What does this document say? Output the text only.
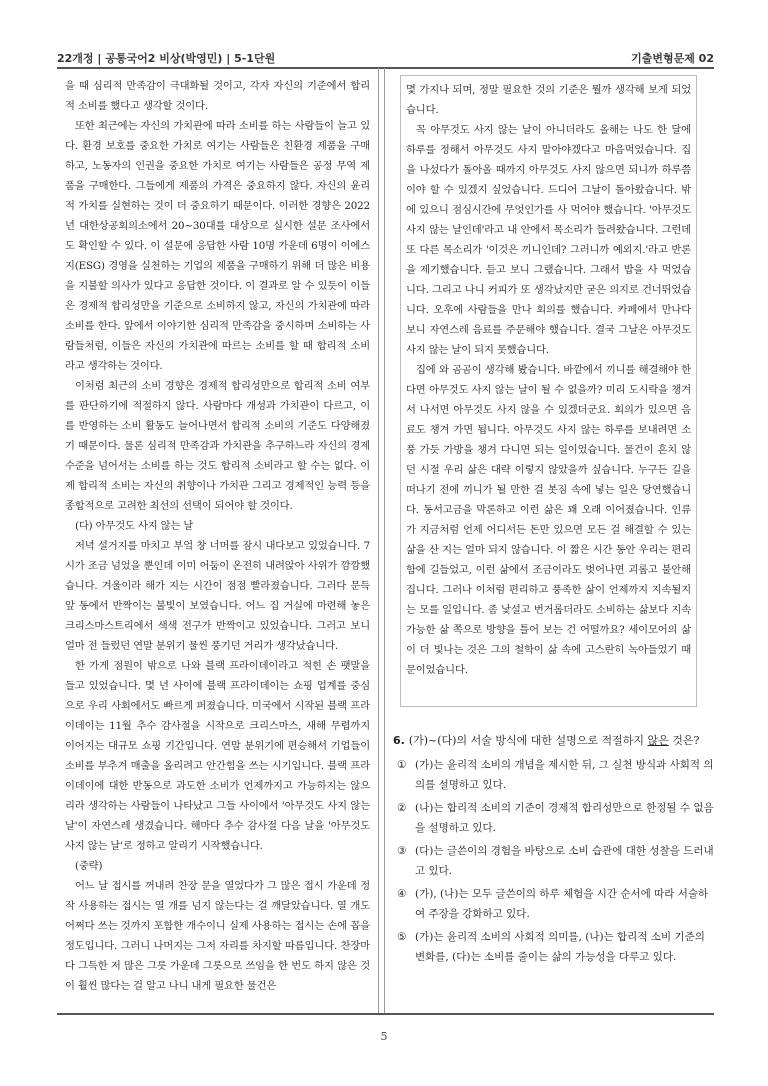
22개정 | 공통국어2 비상(박영민) | 5-1단원	기출변형문제 02

을 때 심리적 만족감이 극대화될 것이고, 각자 자신의 기준에서 합리적 소비를 했다고 생각할 것이다.

또한 최근에는 자신의 가치관에 따라 소비를 하는 사람들이 늘고 있다. 환경 보호를 중요한 가치로 여기는 사람들은 친환경 제품을 구매하고, 노동자의 인권을 중요한 가치로 여기는 사람들은 공정 무역 제품을 구매한다. 그들에게 제품의 가격은 중요하지 않다. 자신의 윤리적 가치를 실현하는 것이 더 중요하기 때문이다. 이러한 경향은 2022년 대한상공회의소에서 20~30대를 대상으로 실시한 설문 조사에서도 확인할 수 있다. 이 설문에 응답한 사람 10명 가운데 6명이 이에스지(ESG) 경영을 실천하는 기업의 제품을 구매하기 위해 더 많은 비용을 지불할 의사가 있다고 응답한 것이다. 이 결과로 알 수 있듯이 이들은 경제적 합리성만을 기준으로 소비하지 않고, 자신의 가치관에 따라 소비를 한다. 앞에서 이야기한 심리적 만족감을 중시하며 소비하는 사람들처럼, 이들은 자신의 가치관에 따르는 소비를 할 때 합리적 소비라고 생각하는 것이다.

이처럼 최근의 소비 경향은 경제적 합리성만으로 합리적 소비 여부를 판단하기에 적절하지 않다. 사람마다 개성과 가치관이 다르고, 이를 반영하는 소비 활동도 늘어나면서 합리적 소비의 기준도 다양해졌기 때문이다. 물론 심리적 만족감과 가치관을 추구하느라 자신의 경제 수준을 넘어서는 소비를 하는 것도 합리적 소비라고 할 수는 없다. 이제 합리적 소비는 자신의 취향이나 가치관 그리고 경제적인 능력 등을 종합적으로 고려한 최선의 선택이 되어야 할 것이다.

(다) 아무것도 사지 않는 날

저녁 설거지를 마치고 부엌 창 너머를 잠시 내다보고 있었습니다. 7시가 조금 넘었을 뿐인데 이미 어둠이 온전히 내려앉아 사위가 깜깜했습니다. 겨울이라 해가 지는 시간이 점점 빨라졌습니다. 그러다 문득 앞 동에서 반짝이는 불빛이 보였습니다. 어느 집 거실에 마련해 놓은 크리스마스트리에서 색색 전구가 반짝이고 있었습니다. 그러고 보니 얼마 전 들렀던 연말 분위기 물씬 풍기던 거리가 생각났습니다.

한 가게 점원이 밖으로 나와 블랙 프라이데이라고 적힌 손 팻말을 들고 있었습니다. 몇 년 사이에 블랙 프라이데이는 쇼핑 업계를 중심으로 우리 사회에서도 빠르게 퍼졌습니다. 미국에서 시작된 블랙 프라이데이는 11월 추수 감사절을 시작으로 크리스마스, 새해 무렵까지 이어지는 대규모 쇼핑 기간입니다. 연말 분위기에 편승해서 기업들이 소비를 부추겨 매출을 올리려고 안간힘을 쓰는 시기입니다. 블랙 프라이데이에 대한 반동으로 과도한 소비가 언제까지고 가능하지는 않으리라 생각하는 사람들이 나타났고 그들 사이에서 '아무것도 사지 않는 날'이 자연스레 생겼습니다. 해마다 추수 감사절 다음 날을 '아무것도 사지 않는 날'로 정하고 알리기 시작했습니다.

(중략)

어느 날 접시를 꺼내려 찬장 문을 열었다가 그 많은 접시 가운데 정작 사용하는 접시는 열 개를 넘지 않는다는 걸 깨달았습니다. 열 개도 어쩌다 쓰는 것까지 포함한 개수이니 실제 사용하는 접시는 손에 꼽을 정도입니다. 그러니 나머지는 그저 자리를 차지할 따름입니다. 찬장마다 그득한 저 많은 그릇 가운데 그릇으로 쓰임을 한 번도 하지 않은 것이 훨씬 많다는 걸 알고 나니 내게 필요한 물건은

몇 가지나 되며, 정말 필요한 것의 기준은 뭘까 생각해 보게 되었습니다.

꼭 아무것도 사지 않는 날이 아니더라도 올해는 나도 한 달에 하루를 정해서 아무것도 사지 말아야겠다고 마음먹었습니다. 집을 나섰다가 돌아올 때까지 아무것도 사지 않으면 되니까 하루쯤이야 할 수 있겠지 싶었습니다. 드디어 그날이 돌아왔습니다. 밖에 있으니 점심시간에 무엇인가를 사 먹어야 했습니다. '아무것도 사지 않는 날인데'라고 내 안에서 목소리가 들려왔습니다. 그런데 또 다른 목소리가 '이것은 끼니인데? 그러니까 예외지.'라고 반론을 제기했습니다. 듣고 보니 그랬습니다. 그래서 밥을 사 먹었습니다. 그리고 나니 커피가 또 생각났지만 굳은 의지로 건너뛰었습니다. 오후에 사람들을 만나 회의를 했습니다. 카페에서 만나다 보니 자연스레 음료를 주문해야 했습니다. 결국 그날은 아무것도 사지 않는 날이 되지 못했습니다.

집에 와 곰곰이 생각해 봤습니다. 바깥에서 끼니를 해결해야 한다면 아무것도 사지 않는 날이 될 수 없을까? 미리 도시락을 챙겨서 나서면 아무것도 사지 않을 수 있겠더군요. 회의가 있으면 음료도 챙겨 가면 됩니다. 아무것도 사지 않는 하루를 보내려면 소풍 가듯 가방을 챙겨 다니면 되는 일이었습니다. 물건이 흔치 않던 시절 우리 삶은 대략 이렇지 않았을까 싶습니다. 누구든 길을 떠나기 전에 끼니가 될 만한 걸 봇짐 속에 넣는 일은 당연했습니다. 동서고금을 막론하고 이런 삶은 꽤 오래 이어졌습니다. 인류가 지금처럼 언제 어디서든 돈만 있으면 모든 걸 해결할 수 있는 삶을 산 지는 얼마 되지 않습니다. 이 짧은 시간 동안 우리는 편리함에 길들었고, 이런 삶에서 조금이라도 벗어나면 괴롭고 불안해집니다. 그러나 이처럼 편리하고 풍족한 삶이 언제까지 지속될지는 모를 일입니다. 좀 낯설고 번거롭더라도 소비하는 삶보다 지속 가능한 삶 쪽으로 방향을 틀어 보는 건 어떨까요? 세이모어의 삶이 더 빛나는 것은 그의 철학이 삶 속에 고스란히 녹아들었기 때문이었습니다.

6. (가)~(다)의 서술 방식에 대한 설명으로 적절하지 않은 것은?
① (가)는 윤리적 소비의 개념을 제시한 뒤, 그 실천 방식과 사회적 의의를 설명하고 있다.
② (나)는 합리적 소비의 기준이 경제적 합리성만으로 한정될 수 없음을 설명하고 있다.
③ (다)는 글쓴이의 경험을 바탕으로 소비 습관에 대한 성찰을 드러내고 있다.
④ (가), (나)는 모두 글쓴이의 하루 체험을 시간 순서에 따라 서술하여 주장을 강화하고 있다.
⑤ (가)는 윤리적 소비의 사회적 의미를, (나)는 합리적 소비 기준의 변화를, (다)는 소비를 줄이는 삶의 가능성을 다루고 있다.
5
